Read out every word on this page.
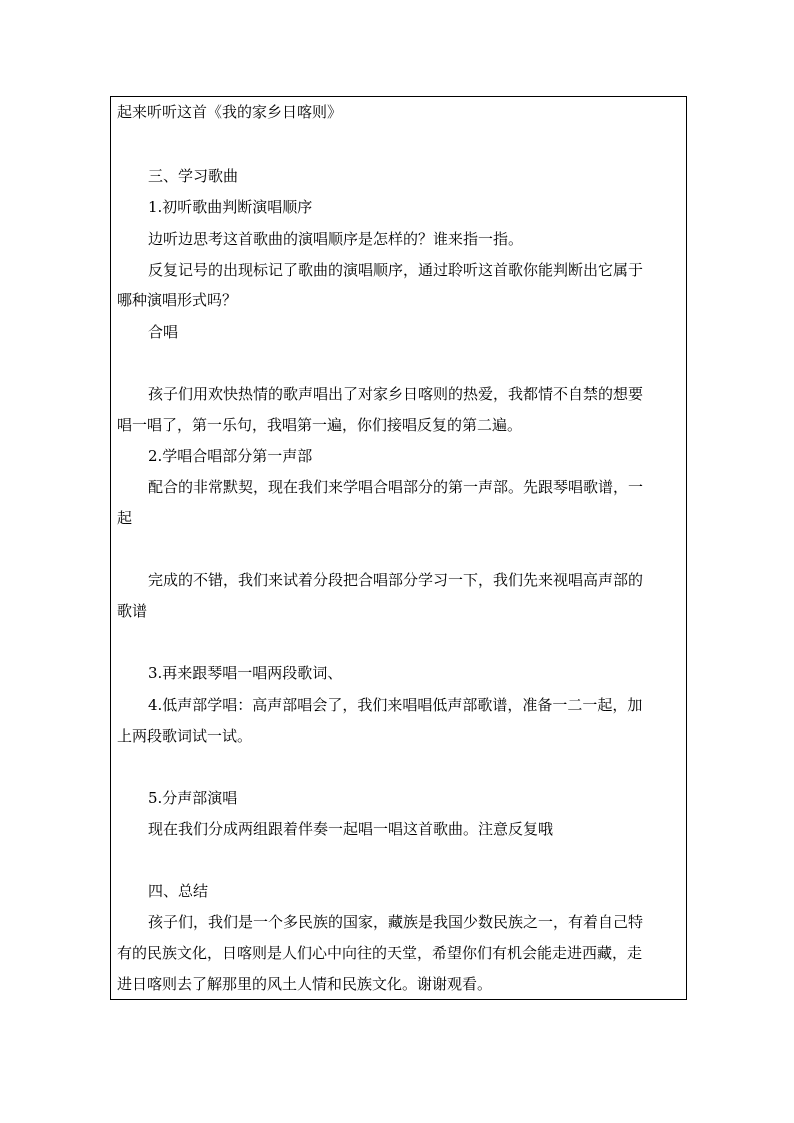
起来听听这首《我的家乡日喀则》
三、学习歌曲
1.初听歌曲判断演唱顺序
边听边思考这首歌曲的演唱顺序是怎样的？谁来指一指。
反复记号的出现标记了歌曲的演唱顺序，通过聆听这首歌你能判断出它属于
哪种演唱形式吗？
合唱
孩子们用欢快热情的歌声唱出了对家乡日喀则的热爱，我都情不自禁的想要
唱一唱了，第一乐句，我唱第一遍，你们接唱反复的第二遍。
2.学唱合唱部分第一声部
配合的非常默契，现在我们来学唱合唱部分的第一声部。先跟琴唱歌谱，一
起
完成的不错，我们来试着分段把合唱部分学习一下，我们先来视唱高声部的
歌谱
3.再来跟琴唱一唱两段歌词、
4.低声部学唱：高声部唱会了，我们来唱唱低声部歌谱，准备一二一起，加
上两段歌词试一试。
5.分声部演唱
现在我们分成两组跟着伴奏一起唱一唱这首歌曲。注意反复哦
四、总结
孩子们，我们是一个多民族的国家，藏族是我国少数民族之一，有着自己特
有的民族文化，日喀则是人们心中向往的天堂，希望你们有机会能走进西藏，走
进日喀则去了解那里的风土人情和民族文化。谢谢观看。
